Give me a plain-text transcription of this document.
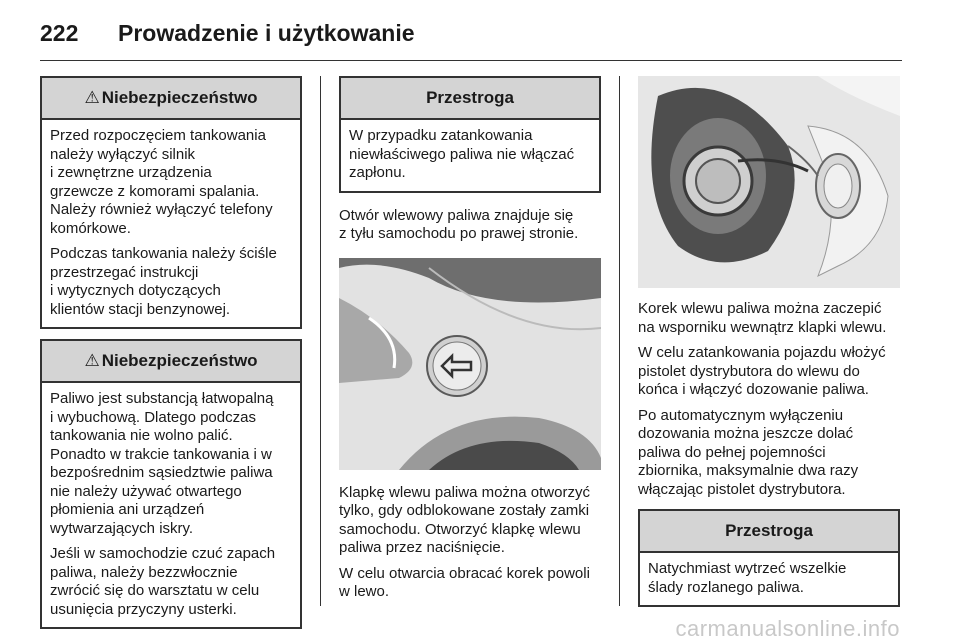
222 Prowadzenie i użytkowanie
⚠ Niebezpieczeństwo

Przed rozpoczęciem tankowania
należy wyłączyć silnik
i zewnętrzne urządzenia
grzewcze z komorami spalania.
Należy również wyłączyć telefony
komórkowe.

Podczas tankowania należy ściśle
przestrzegać instrukcji
i wytycznych dotyczących
klientów stacji benzynowej.

⚠ Niebezpieczeństwo

Paliwo jest substancją łatwopalną
i wybuchową. Dlatego podczas
tankowania nie wolno palić.
Ponadto w trakcie tankowania i w
bezpośrednim sąsiedztwie paliwa
nie należy używać otwartego
płomienia ani urządzeń
wytwarzających iskry.

Jeśli w samochodzie czuć zapach
paliwa, należy bezzwłocznie
zwrócić się do warsztatu w celu
usunięcia przyczyny usterki.

Przestroga

W przypadku zatankowania
niewłaściwego paliwa nie włączać
zapłonu.

Otwór wlewowy paliwa znajduje się
z tyłu samochodu po prawej stronie.

Klapkę wlewu paliwa można otworzyć
tylko, gdy odblokowane zostały zamki
samochodu. Otworzyć klapkę wlewu
paliwa przez naciśnięcie.

W celu otwarcia obracać korek powoli
w lewo.

Korek wlewu paliwa można zaczepić
na wsporniku wewnątrz klapki wlewu.

W celu zatankowania pojazdu włożyć
pistolet dystrybutora do wlewu do
końca i włączyć dozowanie paliwa.

Po automatycznym wyłączeniu
dozowania można jeszcze dolać
paliwa do pełnej pojemności
zbiornika, maksymalnie dwa razy
włączając pistolet dystrybutora.

Przestroga

Natychmiast wytrzeć wszelkie
ślady rozlanego paliwa.

carmanualsonline.info
